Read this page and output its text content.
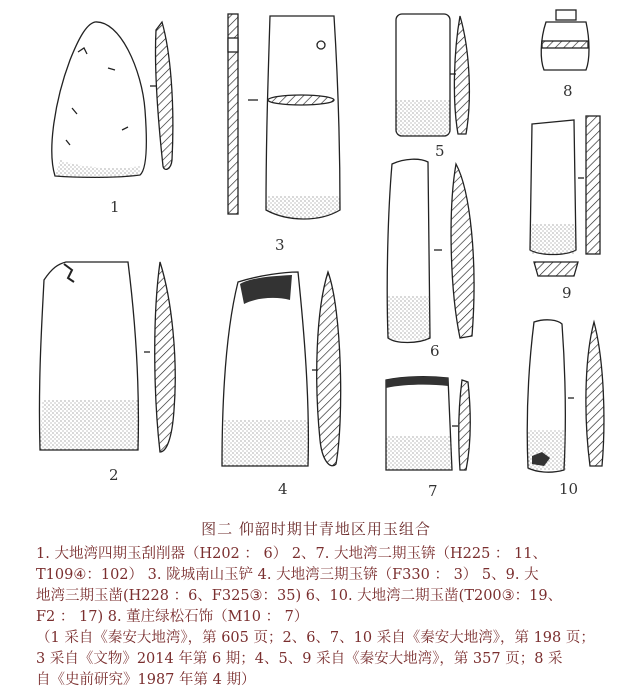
1
2
3
4
5
6
7
8
9
10
图二 仰韶时期甘青地区用玉组合

1. 大地湾四期玉刮削器（H202 ： 6） 2、7. 大地湾二期玉锛（H225 ： 11、

T109④：102） 3. 陇城南山玉铲 4. 大地湾三期玉锛（F330 ： 3） 5、9. 大

地湾三期玉凿(H228 ：6、F325③：35) 6、10. 大地湾二期玉凿(T200③：19、

F2 ： 17) 8. 董庄绿松石饰（M10 ： 7）

（1 采自《秦安大地湾》，第 605 页；2、6、7、10 采自《秦安大地湾》，第 198 页；

3 采自《文物》2014 年第 6 期；4、5、9 采自《秦安大地湾》，第 357 页；8 采

自《史前研究》1987 年第 4 期）
